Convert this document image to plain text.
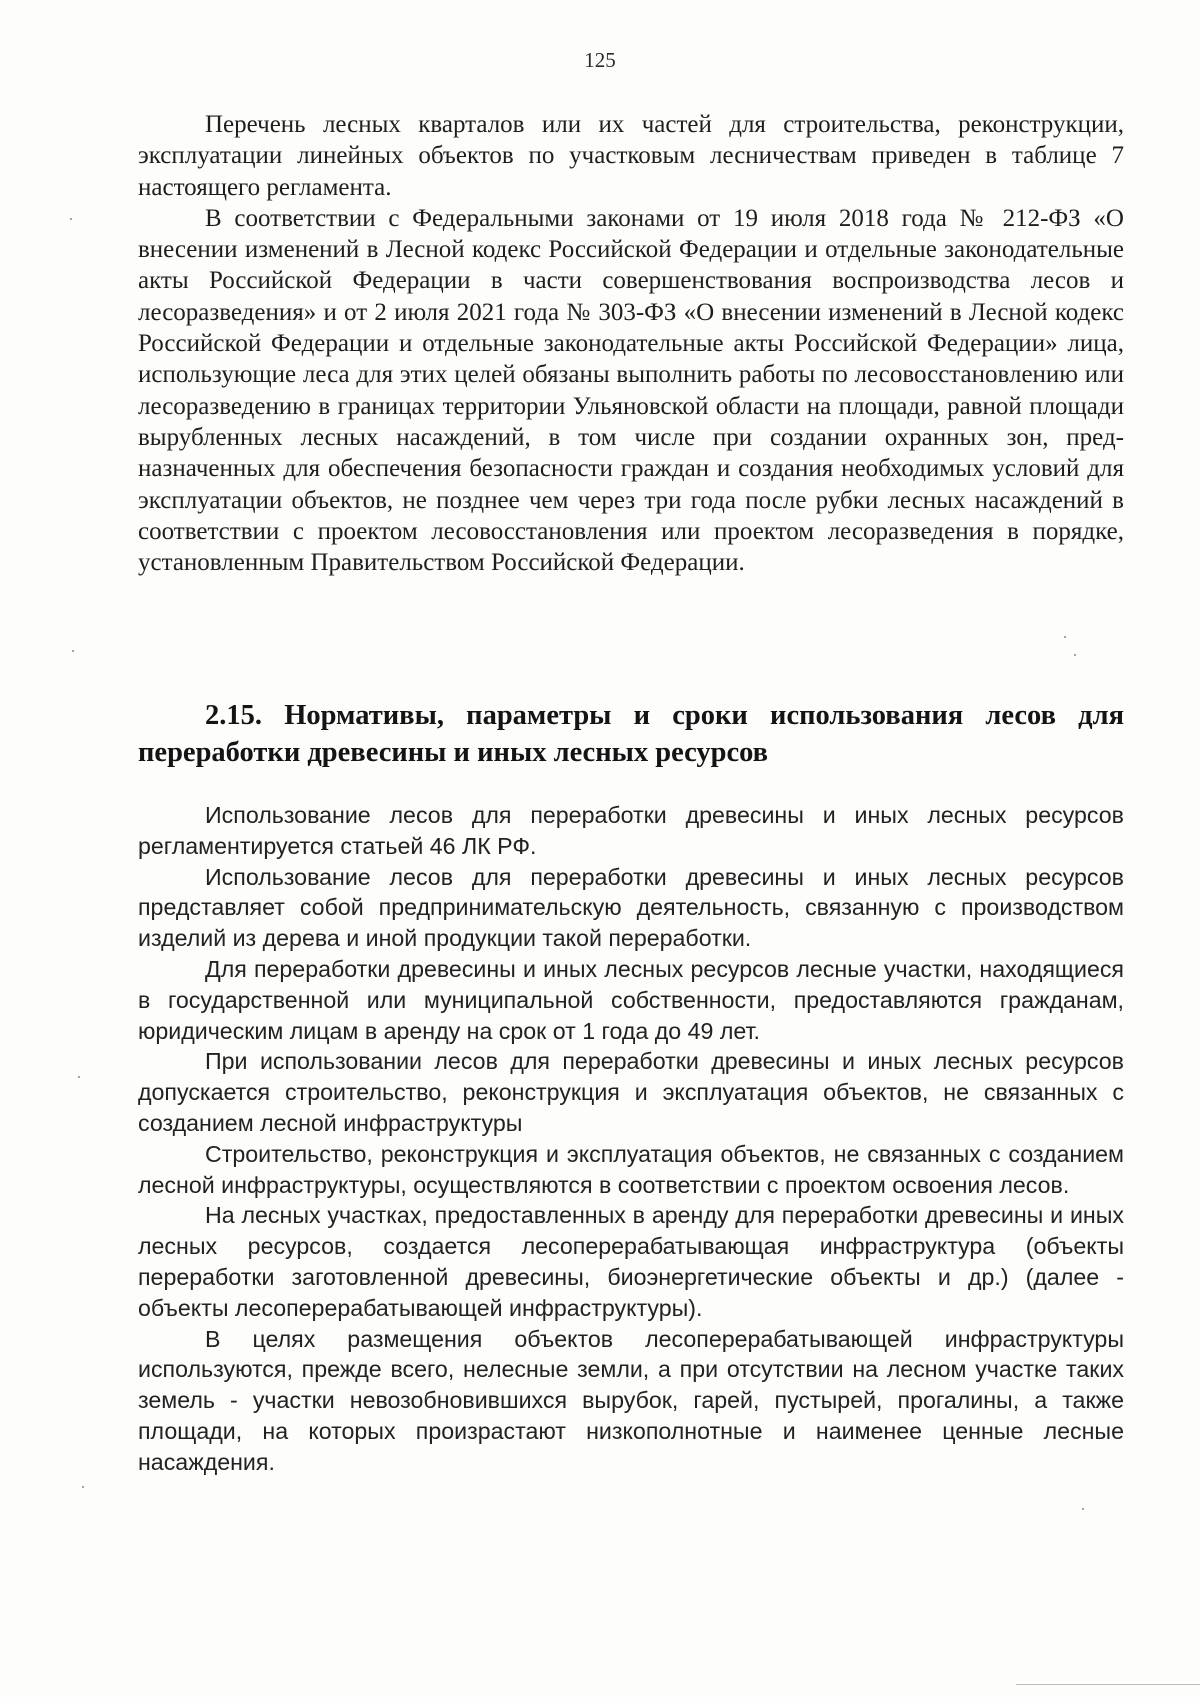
125

Перечень лесных кварталов или их частей для строительства, реконструкции, эксплуатации линейных объектов по участковым лесничествам приведен в таблице 7 настоящего регламента.

В соответствии с Федеральными законами от 19 июля 2018 года № 212-ФЗ «О внесении изменений в Лесной кодекс Российской Федерации и отдельные законодательные акты Российской Федерации в части совершенствования воспроизводства лесов и лесоразведения» и от 2 июля 2021 года № 303-ФЗ «О внесении изменений в Лесной кодекс Российской Федерации и отдельные законодательные акты Российской Федерации» лица, использующие леса для этих целей обязаны выполнить работы по лесовосстановлению или лесоразведению в границах территории Ульяновской области на площади, равной площади вырубленных лесных насаждений, в том числе при создании охранных зон, предназначенных для обеспечения безопасности граждан и создания необходимых условий для эксплуатации объектов, не позднее чем через три года после рубки лесных насаждений в соответствии с проектом лесовосстановления или проектом лесоразведения в порядке, установленным Правительством Российской Федерации.

2.15. Нормативы, параметры и сроки использования лесов для переработки древесины и иных лесных ресурсов

Использование лесов для переработки древесины и иных лесных ресурсов регламентируется статьей 46 ЛК РФ.

Использование лесов для переработки древесины и иных лесных ресурсов представляет собой предпринимательскую деятельность, связанную с производством изделий из дерева и иной продукции такой переработки.

Для переработки древесины и иных лесных ресурсов лесные участки, находящиеся в государственной или муниципальной собственности, предоставляются гражданам, юридическим лицам в аренду на срок от 1 года до 49 лет.

При использовании лесов для переработки древесины и иных лесных ресурсов допускается строительство, реконструкция и эксплуатация объектов, не связанных с созданием лесной инфраструктуры

Строительство, реконструкция и эксплуатация объектов, не связанных с созданием лесной инфраструктуры, осуществляются в соответствии с проектом освоения лесов.

На лесных участках, предоставленных в аренду для переработки древесины и иных лесных ресурсов, создается лесоперерабатывающая инфраструктура (объекты переработки заготовленной древесины, биоэнергетические объекты и др.) (далее - объекты лесоперерабатывающей инфраструктуры).

В целях размещения объектов лесоперерабатывающей инфраструктуры используются, прежде всего, нелесные земли, а при отсутствии на лесном участке таких земель - участки невозобновившихся вырубок, гарей, пустырей, прогалины, а также площади, на которых произрастают низкополнотные и наименее ценные лесные насаждения.
